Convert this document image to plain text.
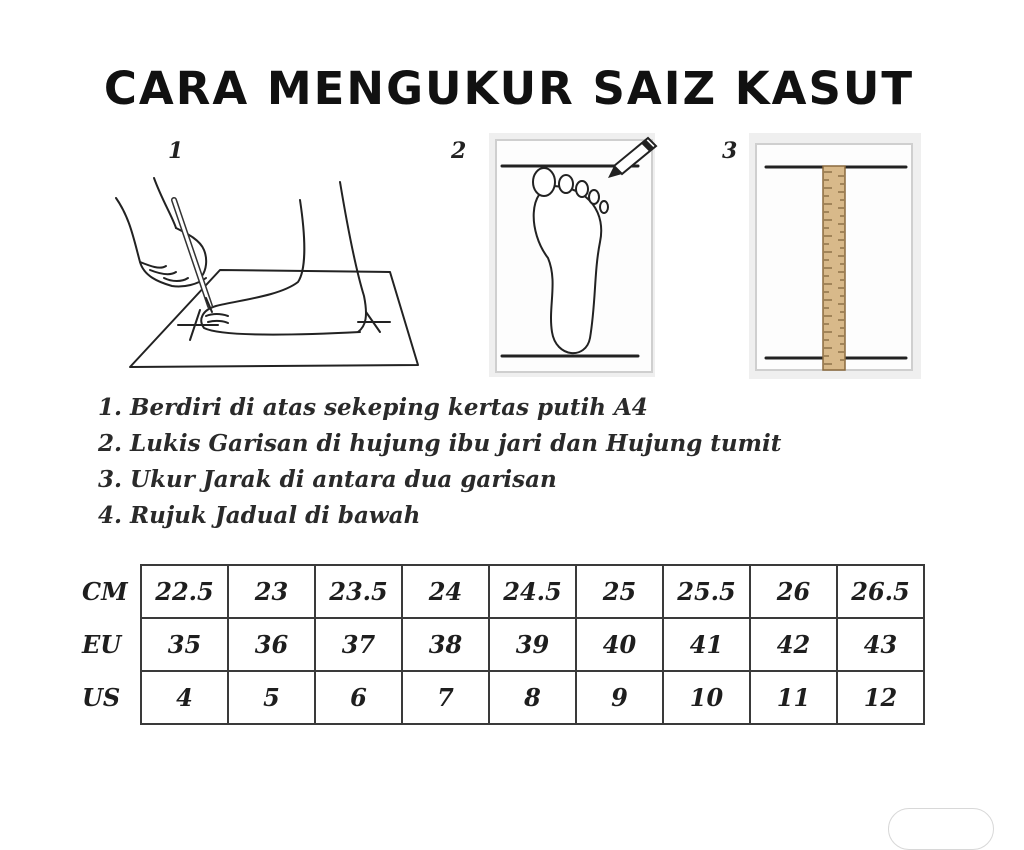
CARA MENGUKUR SAIZ KASUT
1	2	3
1. Berdiri di atas sekeping kertas putih A4
2. Lukis Garisan di hujung ibu jari dan Hujung tumit
3. Ukur Jarak di antara dua garisan
4. Rujuk Jadual di bawah
CM	22.5	23	23.5	24	24.5	25	25.5	26	26.5
EU	35	36	37	38	39	40	41	42	43
US	4	5	6	7	8	9	10	11	12
